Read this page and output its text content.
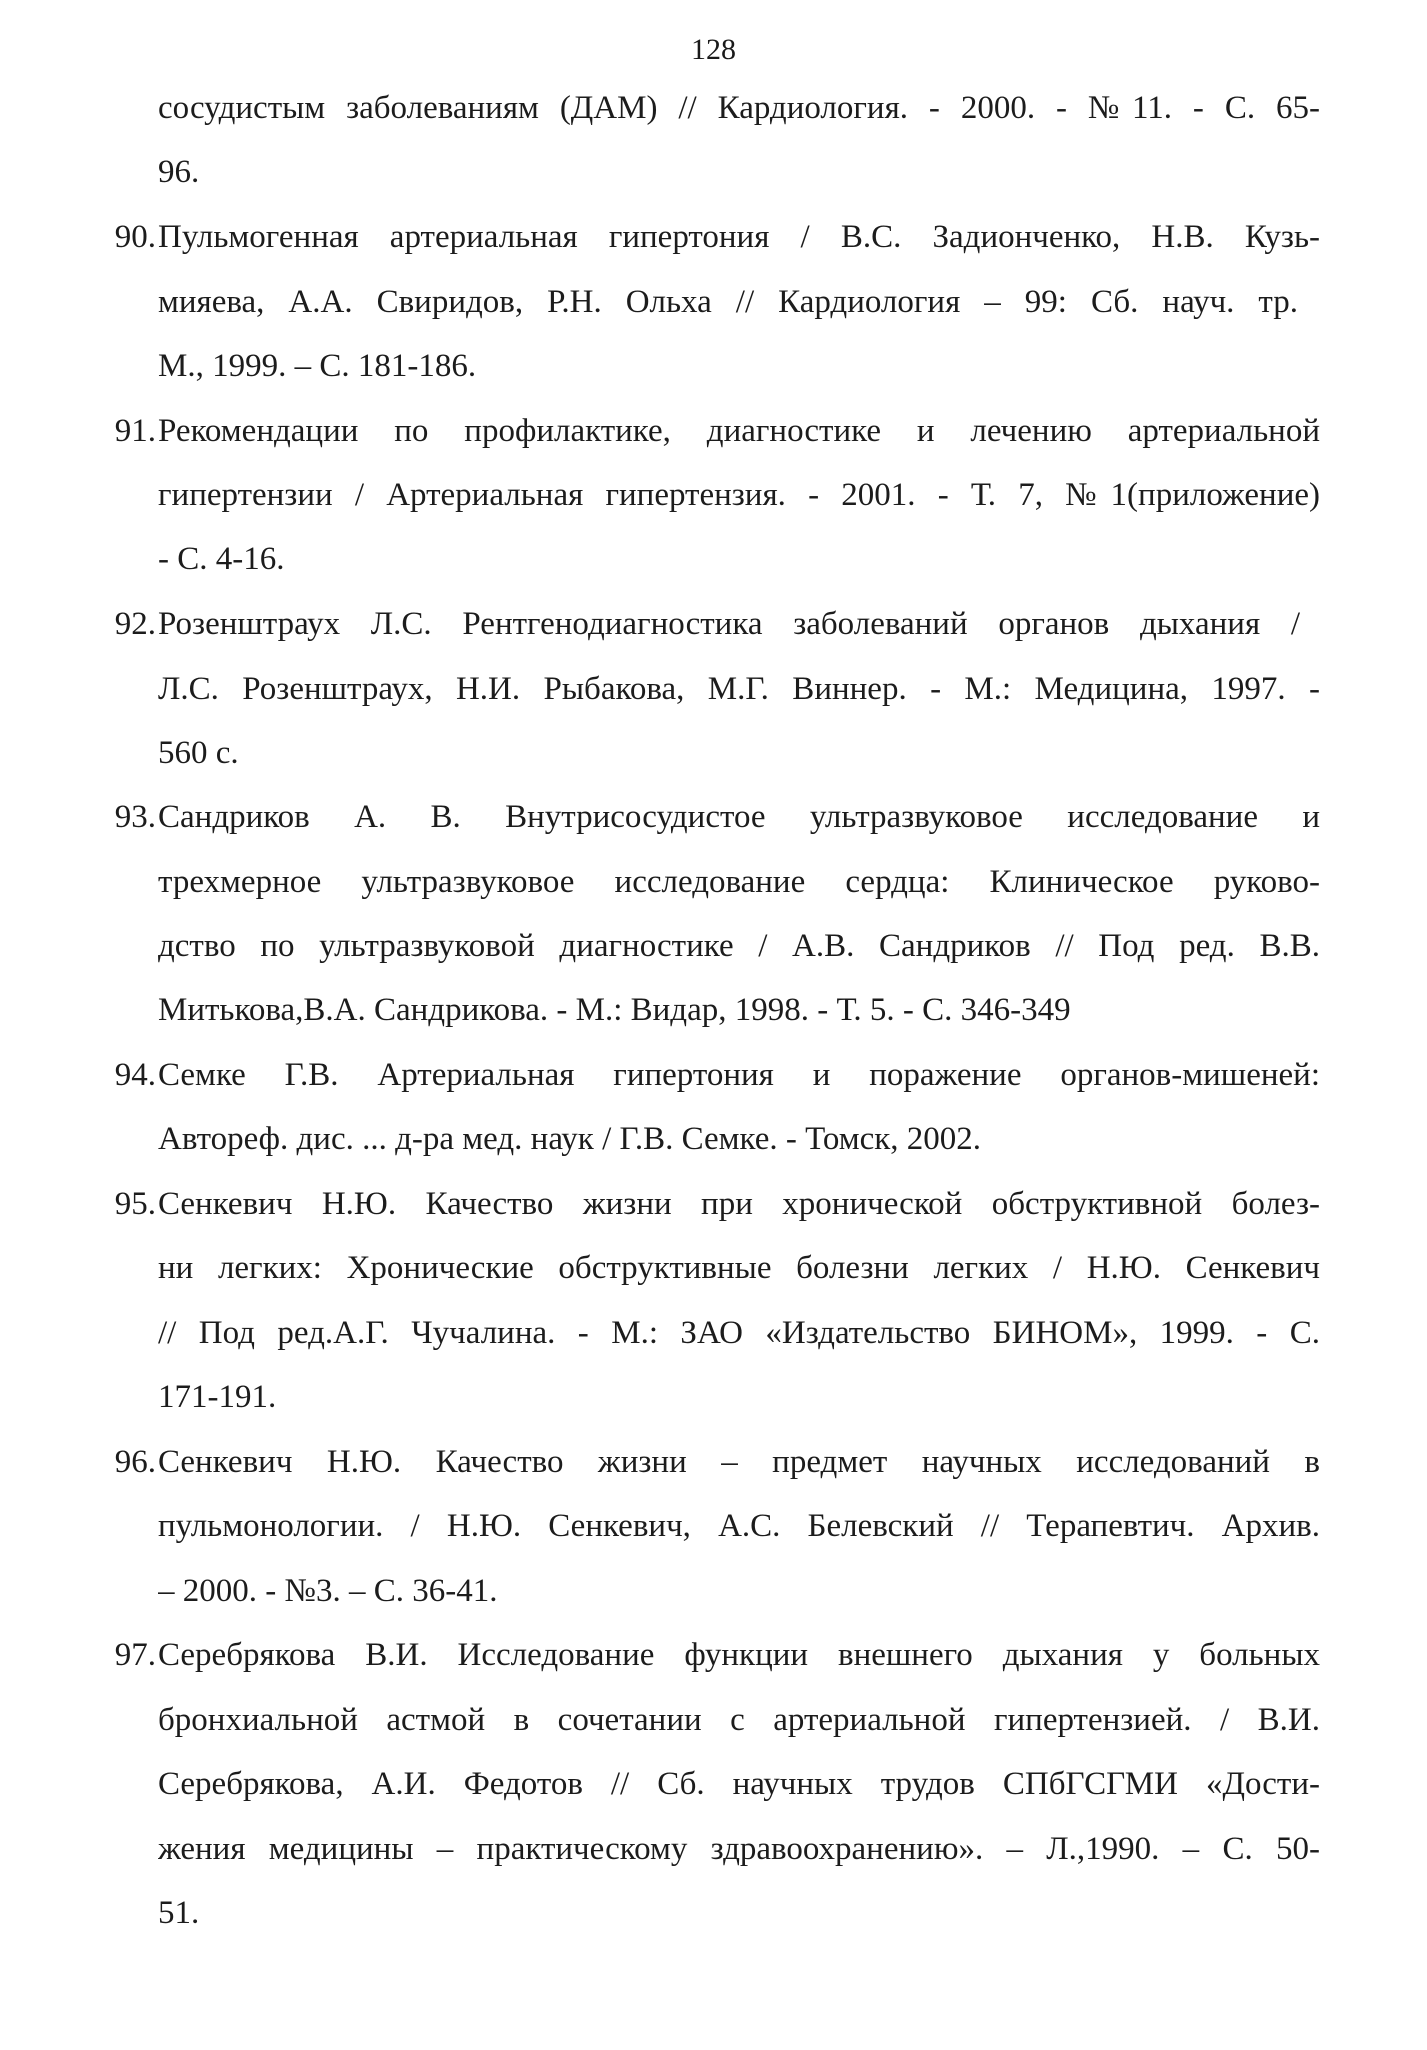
128
сосудистым заболеваниям (ДАМ) // Кардиология. - 2000. - №11. - С. 65-
96.
90. Пульмогенная артериальная гипертония / В.С. Задионченко, Н.В. Кузь-
мияева, А.А. Свиридов, Р.Н. Ольха // Кардиология – 99: Сб. науч. тр.
М., 1999. – С. 181-186.
91. Рекомендации по профилактике, диагностике и лечению артериальной
гипертензии / Артериальная гипертензия. - 2001. - Т. 7, №1(приложение)
- С. 4-16.
92. Розенштраух Л.С. Рентгенодиагностика заболеваний органов дыхания /
Л.С. Розенштраух, Н.И. Рыбакова, М.Г. Виннер. - М.: Медицина, 1997. -
560 с.
93. Сандриков А. В. Внутрисосудистое ультразвуковое исследование и
трехмерное ультразвуковое исследование сердца: Клиническое руково-
дство по ультразвуковой диагностике / А.В. Сандриков // Под ред. В.В.
Митькова,В.А. Сандрикова. - М.: Видар, 1998. - Т. 5. - С. 346-349
94. Семке Г.В. Артериальная гипертония и поражение органов-мишеней:
Автореф. дис. ... д-ра мед. наук / Г.В. Семке. - Томск, 2002.
95. Сенкевич Н.Ю. Качество жизни при хронической обструктивной болез-
ни легких: Хронические обструктивные болезни легких / Н.Ю. Сенкевич
// Под ред.А.Г. Чучалина. - М.: ЗАО «Издательство БИНОМ», 1999. - С.
171-191.
96. Сенкевич Н.Ю. Качество жизни – предмет научных исследований в
пульмонологии. / Н.Ю. Сенкевич, А.С. Белевский // Терапевтич. Архив.
– 2000. - №3. – С. 36-41.
97. Серебрякова В.И. Исследование функции внешнего дыхания у больных
бронхиальной астмой в сочетании с артериальной гипертензией. / В.И.
Серебрякова, А.И. Федотов // Сб. научных трудов СПбГСГМИ «Дости-
жения медицины – практическому здравоохранению». – Л.,1990. – С. 50-
51.
